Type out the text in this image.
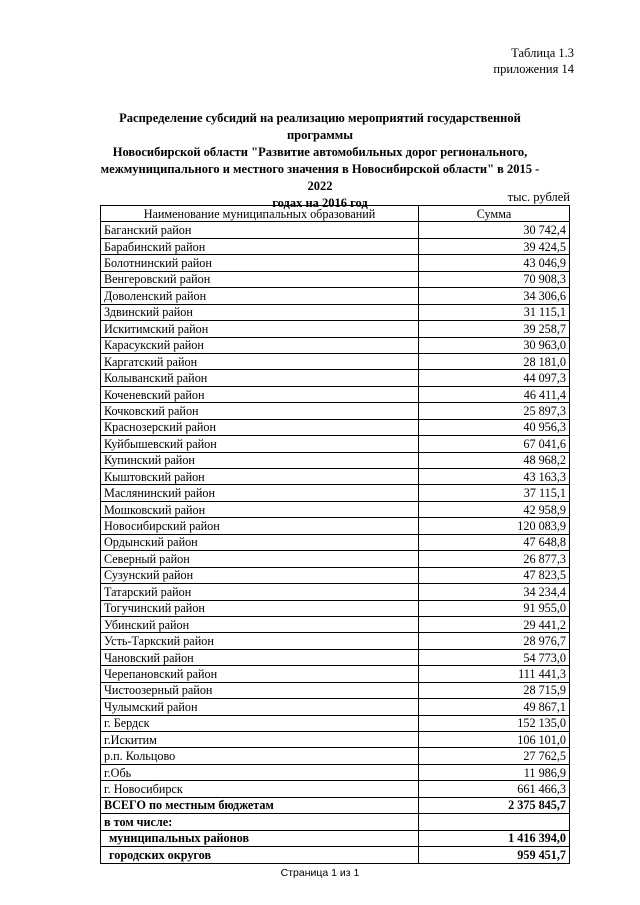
Таблица 1.3
приложения 14
Распределение субсидий на реализацию мероприятий государственной программы
Новосибирской области "Развитие автомобильных дорог регионального,
межмуниципального и местного значения в Новосибирской области" в 2015 - 2022
годах на 2016 год	тыс. рублей
Наименование муниципальных образований	Сумма
Баганский район	30 742,4
Барабинский район	39 424,5
Болотнинский район	43 046,9
Венгеровский район	70 908,3
Доволенский район	34 306,6
Здвинский район	31 115,1
Искитимский район	39 258,7
Карасукский район	30 963,0
Каргатский район	28 181,0
Колыванский район	44 097,3
Коченевский район	46 411,4
Кочковский район	25 897,3
Краснозерский район	40 956,3
Куйбышевский район	67 041,6
Купинский район	48 968,2
Кыштовский район	43 163,3
Маслянинский район	37 115,1
Мошковский район	42 958,9
Новосибирский район	120 083,9
Ордынский район	47 648,8
Северный район	26 877,3
Сузунский район	47 823,5
Татарский район	34 234,4
Тогучинский район	91 955,0
Убинский район	29 441,2
Усть-Таркский район	28 976,7
Чановский район	54 773,0
Черепановский район	111 441,3
Чистоозерный район	28 715,9
Чулымский район	49 867,1
г. Бердск	152 135,0
г.Искитим	106 101,0
р.п. Кольцово	27 762,5
г.Обь	11 986,9
г. Новосибирск	661 466,3
ВСЕГО по местным бюджетам	2 375 845,7
в том числе:	
муниципальных районов	1 416 394,0
городских округов	959 451,7
Страница 1 из 1
